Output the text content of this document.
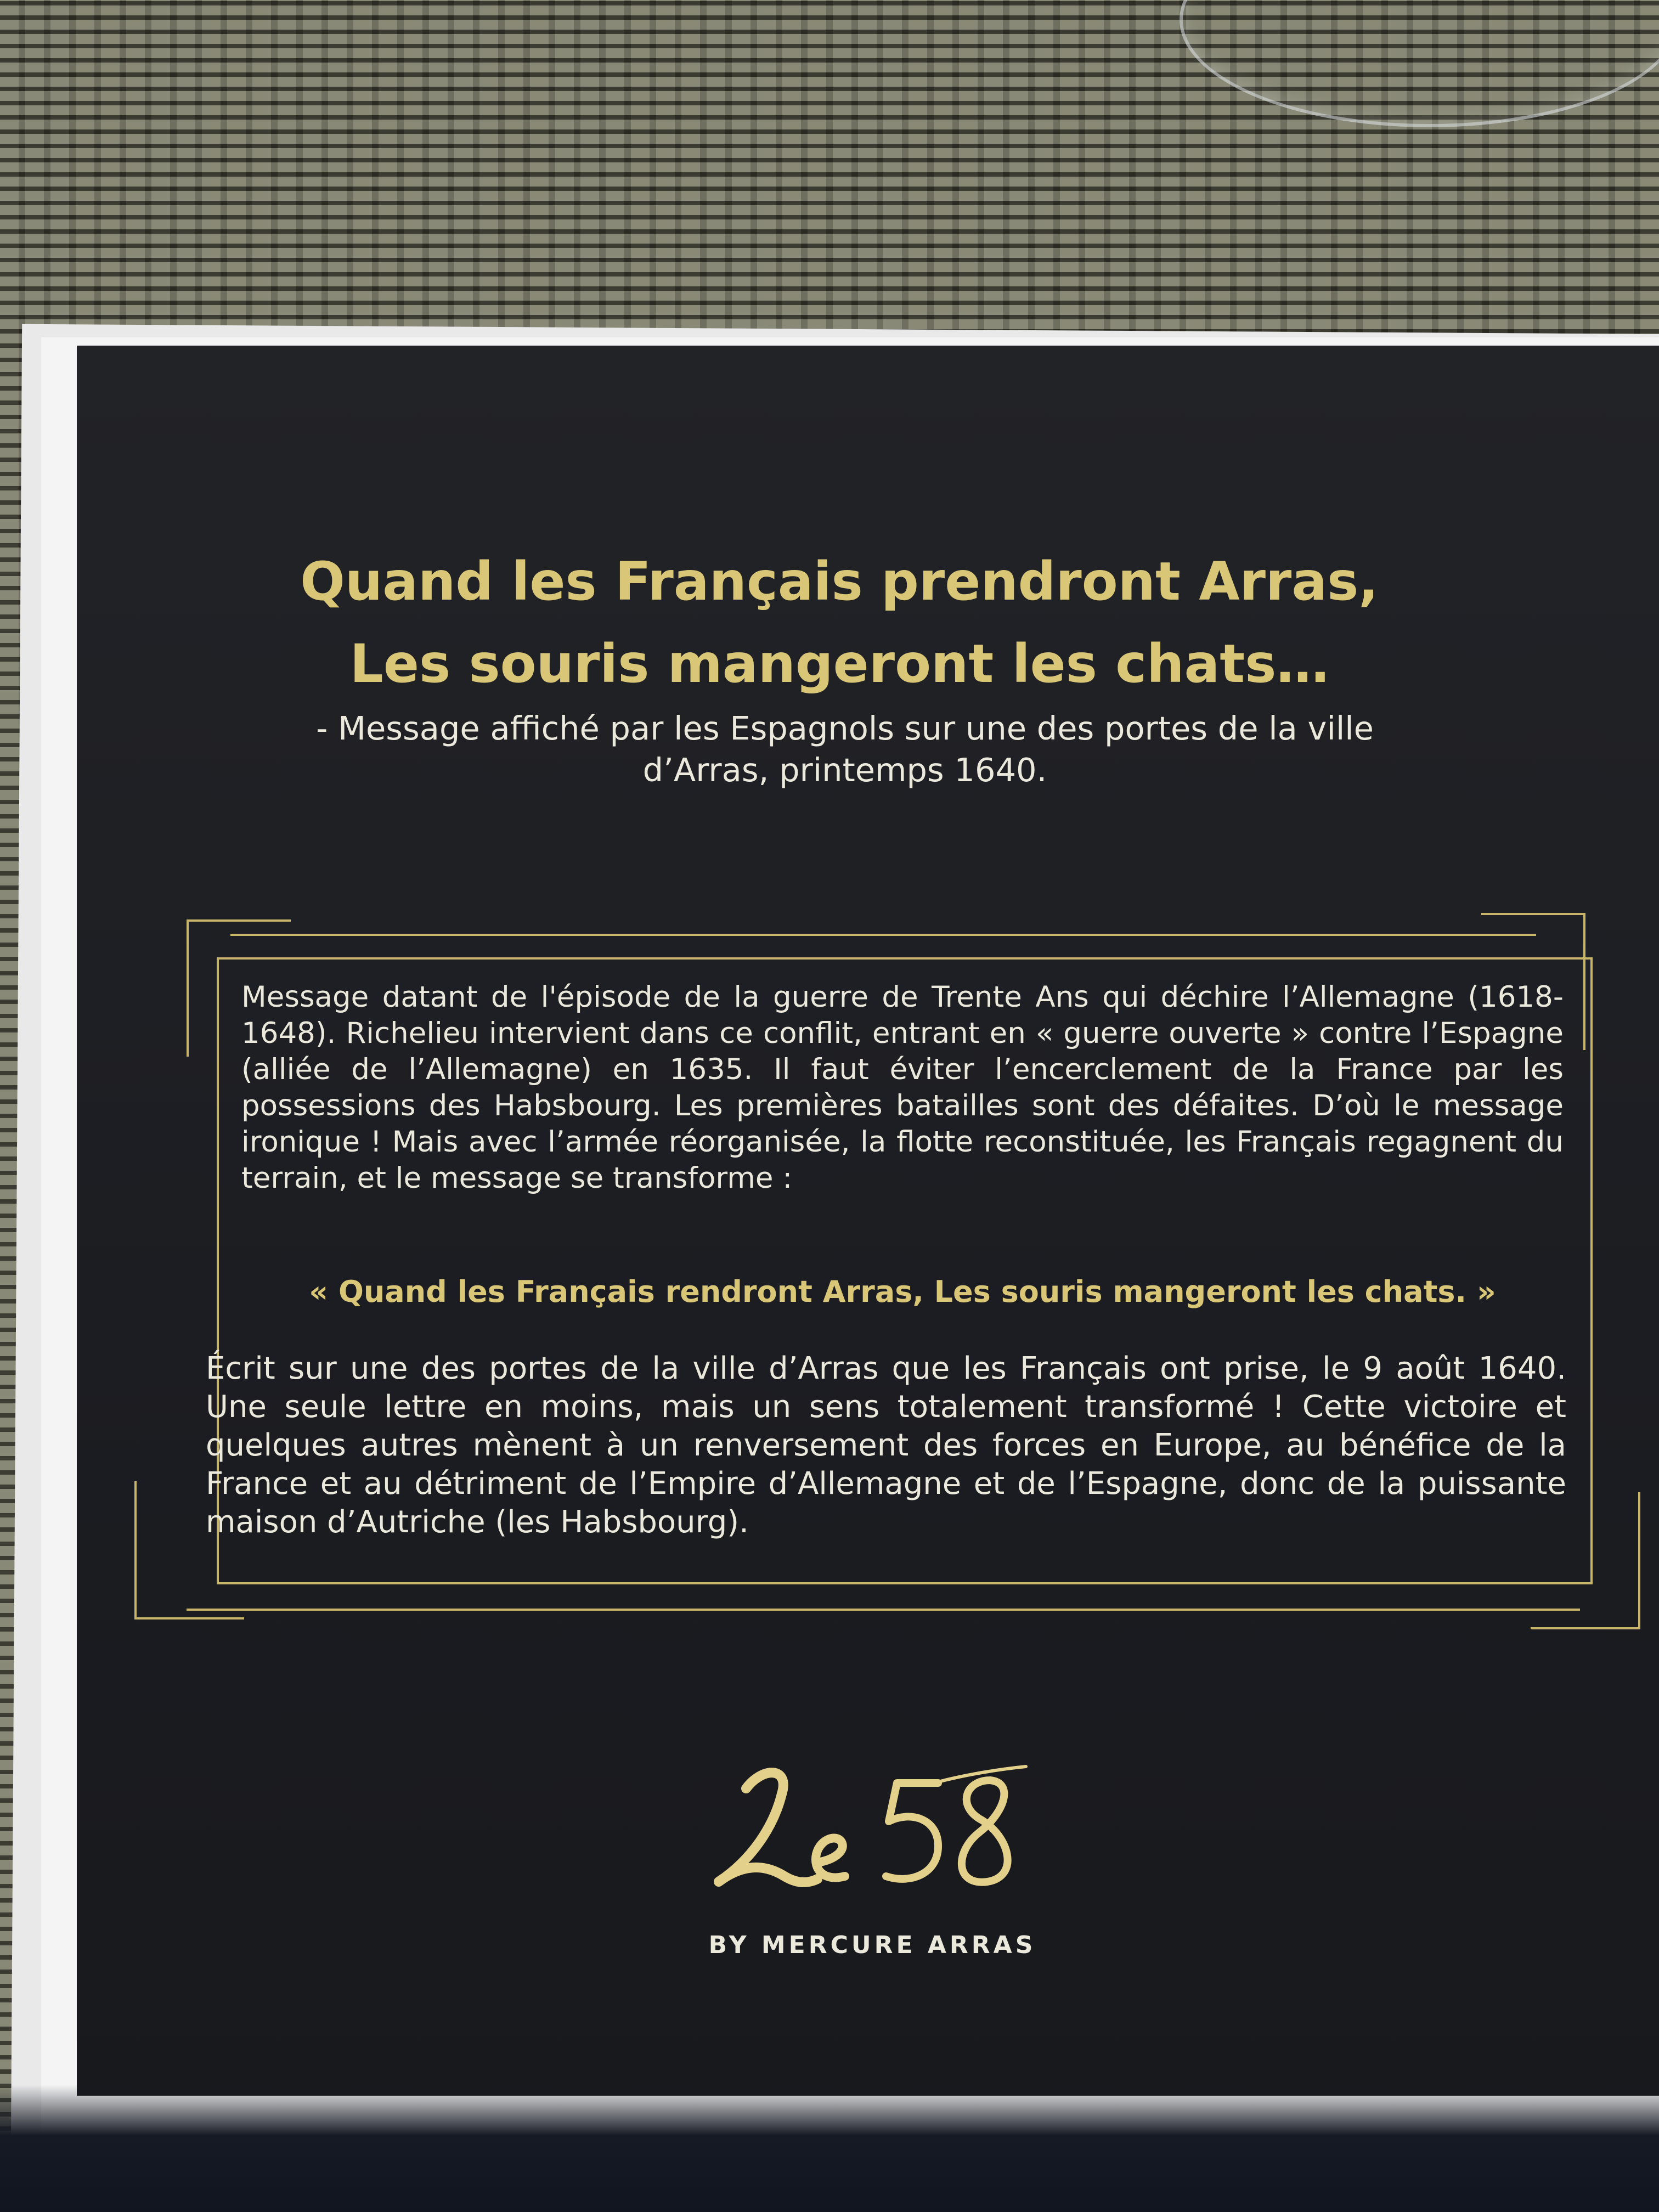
Quand les Français prendront Arras,
Les souris mangeront les chats…
- Message affiché par les Espagnols sur une des portes de la ville
d’Arras, printemps 1640.

Message datant de l'épisode de la guerre de Trente Ans qui déchire l’Allemagne (1618-1648). Richelieu intervient dans ce conflit, entrant en « guerre ouverte » contre l’Espagne (alliée de l’Allemagne) en 1635. Il faut éviter l’encerclement de la France par les possessions des Habsbourg. Les premières batailles sont des défaites. D’où le message ironique ! Mais avec l’armée réorganisée, la flotte reconstituée, les Français regagnent du terrain, et le message se transforme :

« Quand les Français rendront Arras, Les souris mangeront les chats. »

Écrit sur une des portes de la ville d’Arras que les Français ont prise, le 9 août 1640. Une seule lettre en moins, mais un sens totalement transformé ! Cette victoire et quelques autres mènent à un renversement des forces en Europe, au bénéfice de la France et au détriment de l’Empire d’Allemagne et de l’Espagne, donc de la puissante maison d’Autriche (les Habsbourg).

BY MERCURE ARRAS
